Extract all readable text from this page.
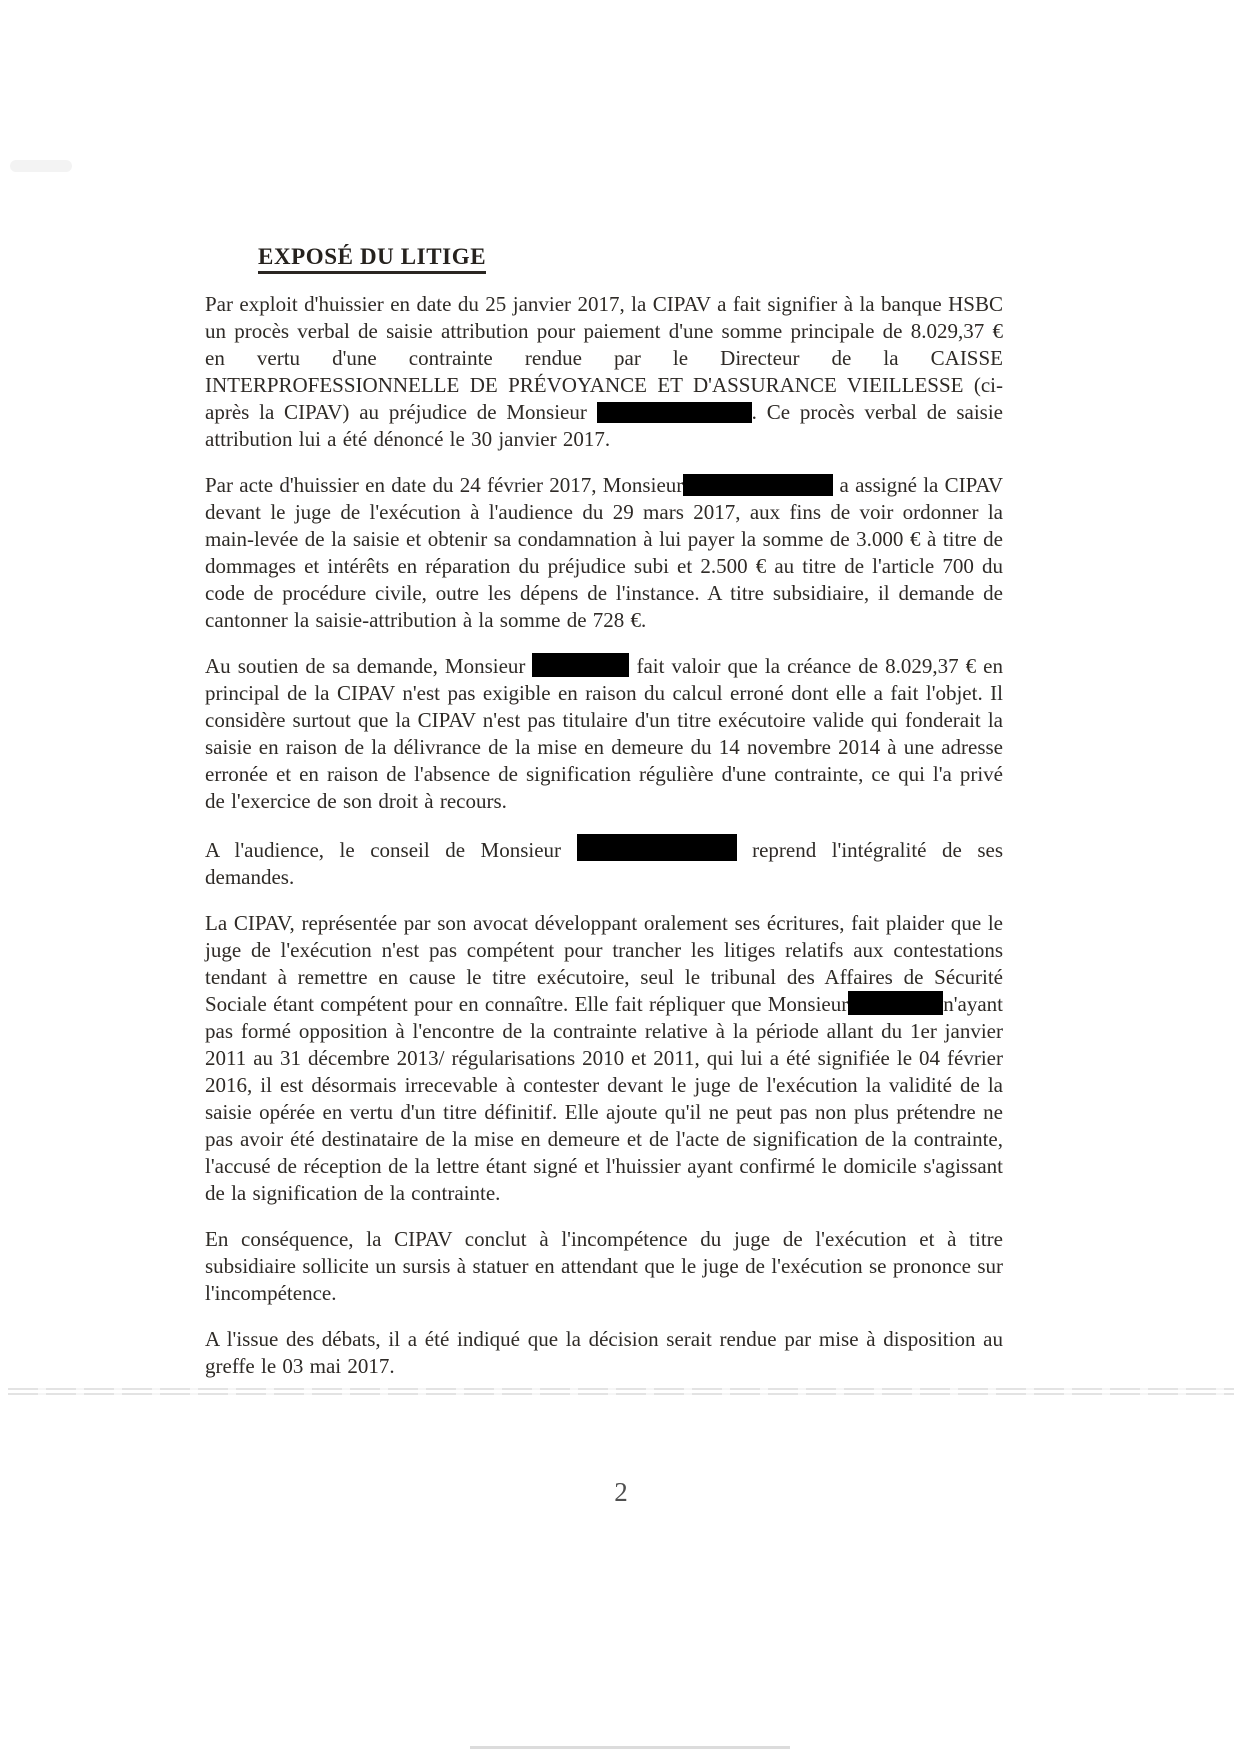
EXPOSÉ DU LITIGE

Par exploit d'huissier en date du 25 janvier 2017, la CIPAV a fait signifier à la banque HSBC un procès verbal de saisie attribution pour paiement d'une somme principale de 8.029,37 € en vertu d'une contrainte rendue par le Directeur de la CAISSE INTERPROFESSIONNELLE DE PRÉVOYANCE ET D'ASSURANCE VIEILLESSE (ci-après la CIPAV) au préjudice de Monsieur	. Ce procès verbal de saisie attribution lui a été dénoncé le 30 janvier 2017.

Par acte d'huissier en date du 24 février 2017, Monsieur	a assigné la CIPAV devant le juge de l'exécution à l'audience du 29 mars 2017, aux fins de voir ordonner la main-levée de la saisie et obtenir sa condamnation à lui payer la somme de 3.000 € à titre de dommages et intérêts en réparation du préjudice subi et 2.500 € au titre de l'article 700 du code de procédure civile, outre les dépens de l'instance. A titre subsidiaire, il demande de cantonner la saisie-attribution à la somme de 728 €.

Au soutien de sa demande, Monsieur	fait valoir que la créance de 8.029,37 € en principal de la CIPAV n'est pas exigible en raison du calcul erroné dont elle a fait l'objet. Il considère surtout que la CIPAV n'est pas titulaire d'un titre exécutoire valide qui fonderait la saisie en raison de la délivrance de la mise en demeure du 14 novembre 2014 à une adresse erronée et en raison de l'absence de signification régulière d'une contrainte, ce qui l'a privé de l'exercice de son droit à recours.

A l'audience, le conseil de Monsieur	reprend l'intégralité de ses demandes.

La CIPAV, représentée par son avocat développant oralement ses écritures, fait plaider que le juge de l'exécution n'est pas compétent pour trancher les litiges relatifs aux contestations tendant à remettre en cause le titre exécutoire, seul le tribunal des Affaires de Sécurité Sociale étant compétent pour en connaître. Elle fait répliquer que Monsieur	n'ayant pas formé opposition à l'encontre de la contrainte relative à la période allant du 1er janvier 2011 au 31 décembre 2013/ régularisations 2010 et 2011, qui lui a été signifiée le 04 février 2016, il est désormais irrecevable à contester devant le juge de l'exécution la validité de la saisie opérée en vertu d'un titre définitif. Elle ajoute qu'il ne peut pas non plus prétendre ne pas avoir été destinataire de la mise en demeure et de l'acte de signification de la contrainte, l'accusé de réception de la lettre étant signé et l'huissier ayant confirmé le domicile s'agissant de la signification de la contrainte.

En conséquence, la CIPAV conclut à l'incompétence du juge de l'exécution et à titre subsidiaire sollicite un sursis à statuer en attendant que le juge de l'exécution se prononce sur l'incompétence.

A l'issue des débats, il a été indiqué que la décision serait rendue par mise à disposition au greffe le 03 mai 2017.

2
